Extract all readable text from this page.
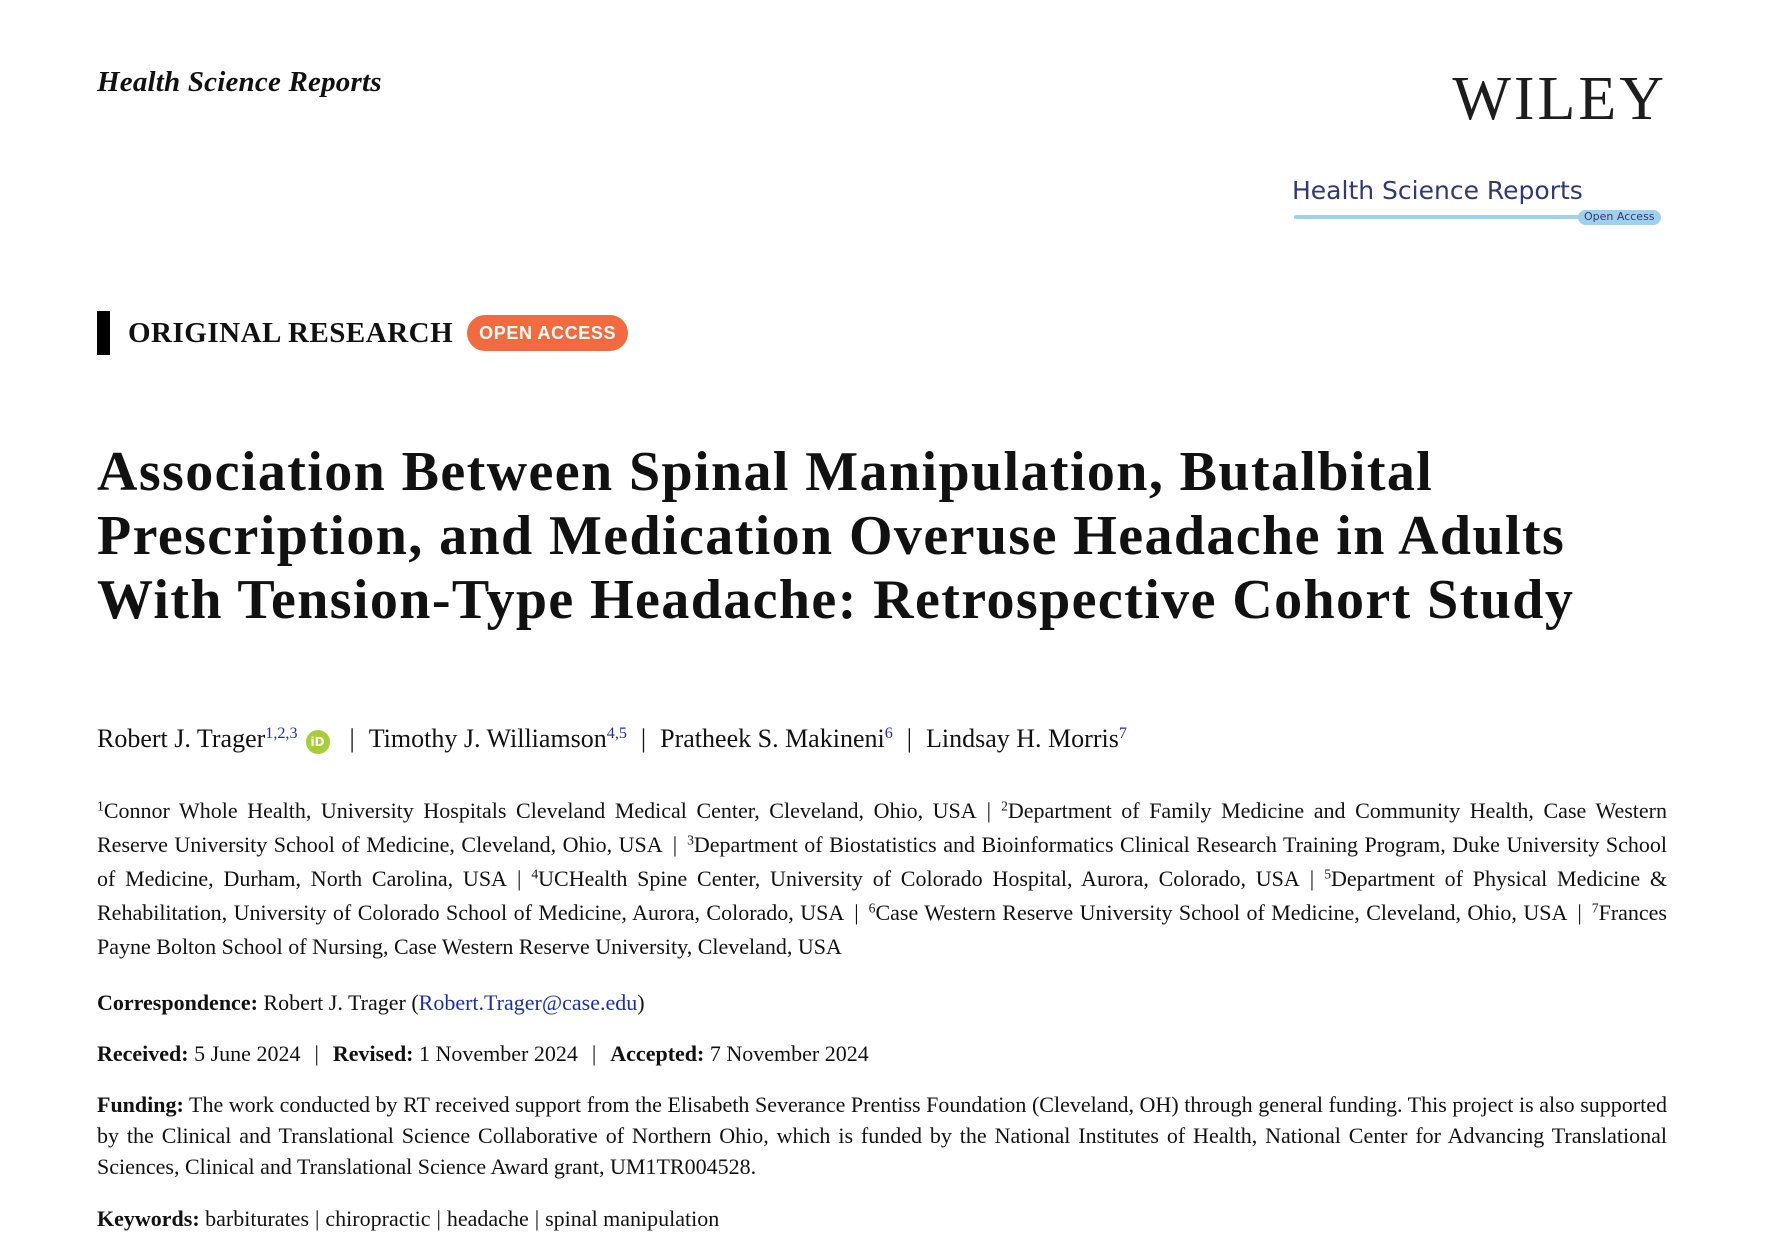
Health Science Reports	WILEY
Health Science Reports
Open Access
ORIGINAL RESEARCH	OPEN ACCESS
Association Between Spinal Manipulation, Butalbital Prescription, and Medication Overuse Headache in Adults With Tension-Type Headache: Retrospective Cohort Study
Robert J. Trager$^{1,2,3}$ iD | Timothy J. Williamson$^{4,5}$ | Pratheek S. Makineni$^6$ | Lindsay H. Morris$^7$
$^1$Connor Whole Health, University Hospitals Cleveland Medical Center, Cleveland, Ohio, USA | $^2$Department of Family Medicine and Community Health, Case Western Reserve University School of Medicine, Cleveland, Ohio, USA | $^3$Department of Biostatistics and Bioinformatics Clinical Research Training Program, Duke University School of Medicine, Durham, North Carolina, USA | $^4$UCHealth Spine Center, University of Colorado Hospital, Aurora, Colorado, USA | $^5$Department of Physical Medicine & Rehabilitation, University of Colorado School of Medicine, Aurora, Colorado, USA | $^6$Case Western Reserve University School of Medicine, Cleveland, Ohio, USA | $^7$Frances Payne Bolton School of Nursing, Case Western Reserve University, Cleveland, USA
Correspondence: Robert J. Trager (Robert.Trager@case.edu)
Received: 5 June 2024 | Revised: 1 November 2024 | Accepted: 7 November 2024
Funding: The work conducted by RT received support from the Elisabeth Severance Prentiss Foundation (Cleveland, OH) through general funding. This project is also supported by the Clinical and Translational Science Collaborative of Northern Ohio, which is funded by the National Institutes of Health, National Center for Advancing Translational Sciences, Clinical and Translational Science Award grant, UM1TR004528.
Keywords: barbiturates | chiropractic | headache | spinal manipulation
